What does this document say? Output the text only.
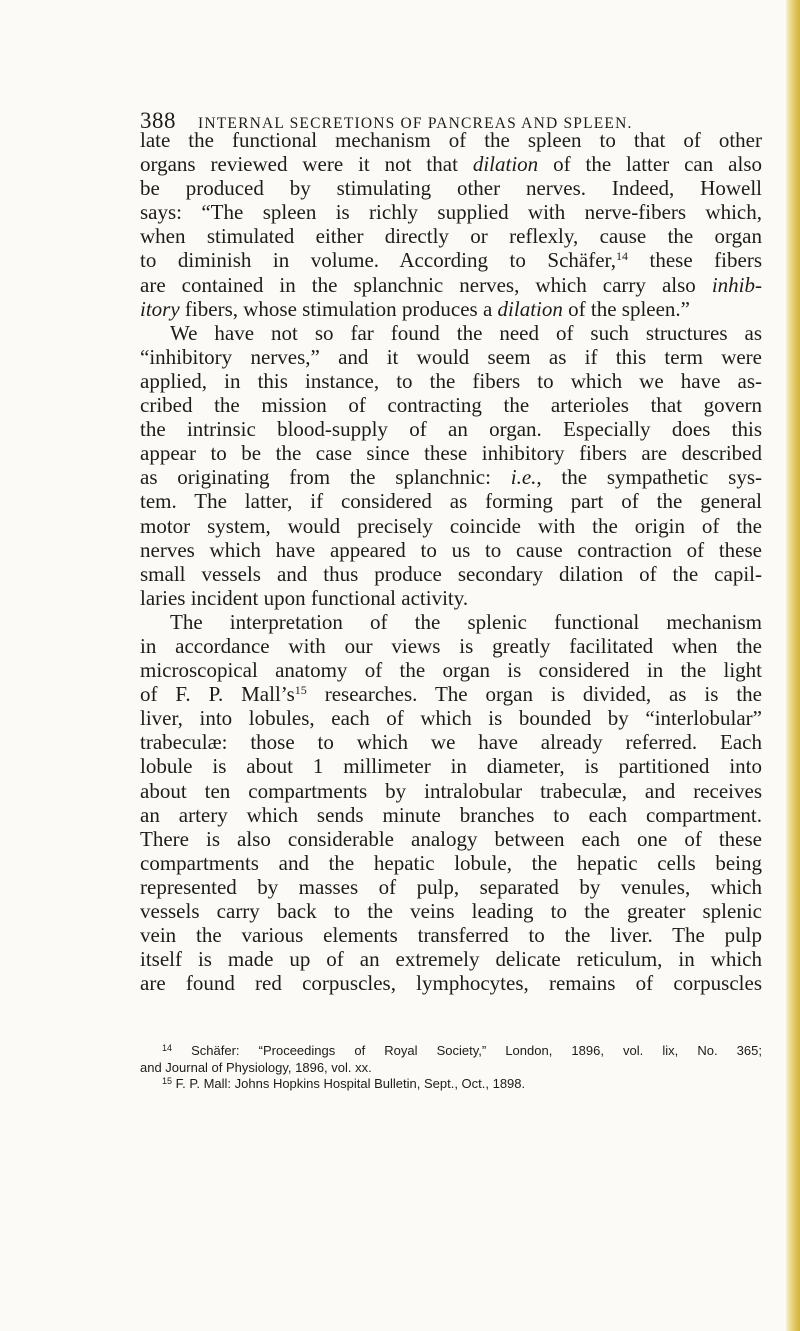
388 INTERNAL SECRETIONS OF PANCREAS AND SPLEEN.
late the functional mechanism of the spleen to that of other
organs reviewed were it not that dilation of the latter can also
be produced by stimulating other nerves. Indeed, Howell
says: “The spleen is richly supplied with nerve-fibers which,
when stimulated either directly or reflexly, cause the organ
to diminish in volume. According to Schäfer,$^{14}$ these fibers
are contained in the splanchnic nerves, which carry also inhib-
itory fibers, whose stimulation produces a dilation of the spleen.”
We have not so far found the need of such structures as
“inhibitory nerves,” and it would seem as if this term were
applied, in this instance, to the fibers to which we have as-
cribed the mission of contracting the arterioles that govern
the intrinsic blood-supply of an organ. Especially does this
appear to be the case since these inhibitory fibers are described
as originating from the splanchnic: i.e., the sympathetic sys-
tem. The latter, if considered as forming part of the general
motor system, would precisely coincide with the origin of the
nerves which have appeared to us to cause contraction of these
small vessels and thus produce secondary dilation of the capil-
laries incident upon functional activity.
The interpretation of the splenic functional mechanism
in accordance with our views is greatly facilitated when the
microscopical anatomy of the organ is considered in the light
of F. P. $Mall’s^{15}$ researches. The organ is divided, as is the
liver, into lobules, each of which is bounded by “interlobular”
trabeculæ: those to which we have already referred. Each
lobule is about 1 millimeter in diameter, is partitioned into
about ten compartments by intralobular trabeculæ, and receives
an artery which sends minute branches to each compartment.
There is also considerable analogy between each one of these
compartments and the hepatic lobule, the hepatic cells being
represented by masses of pulp, separated by venules, which
vessels carry back to the veins leading to the greater splenic
vein the various elements transferred to the liver. The pulp
itself is made up of an extremely delicate reticulum, in which
are found red corpuscles, lymphocytes, remains of corpuscles
$^{14}$ Schäfer: “Proceedings of Royal Society,” London, 1896, vol. lix, No. 365;
and Journal of Physiology, 1896, vol. xx.
$^{15}$ F. P. Mall: Johns Hopkins Hospital Bulletin, Sept., Oct., 1898.
